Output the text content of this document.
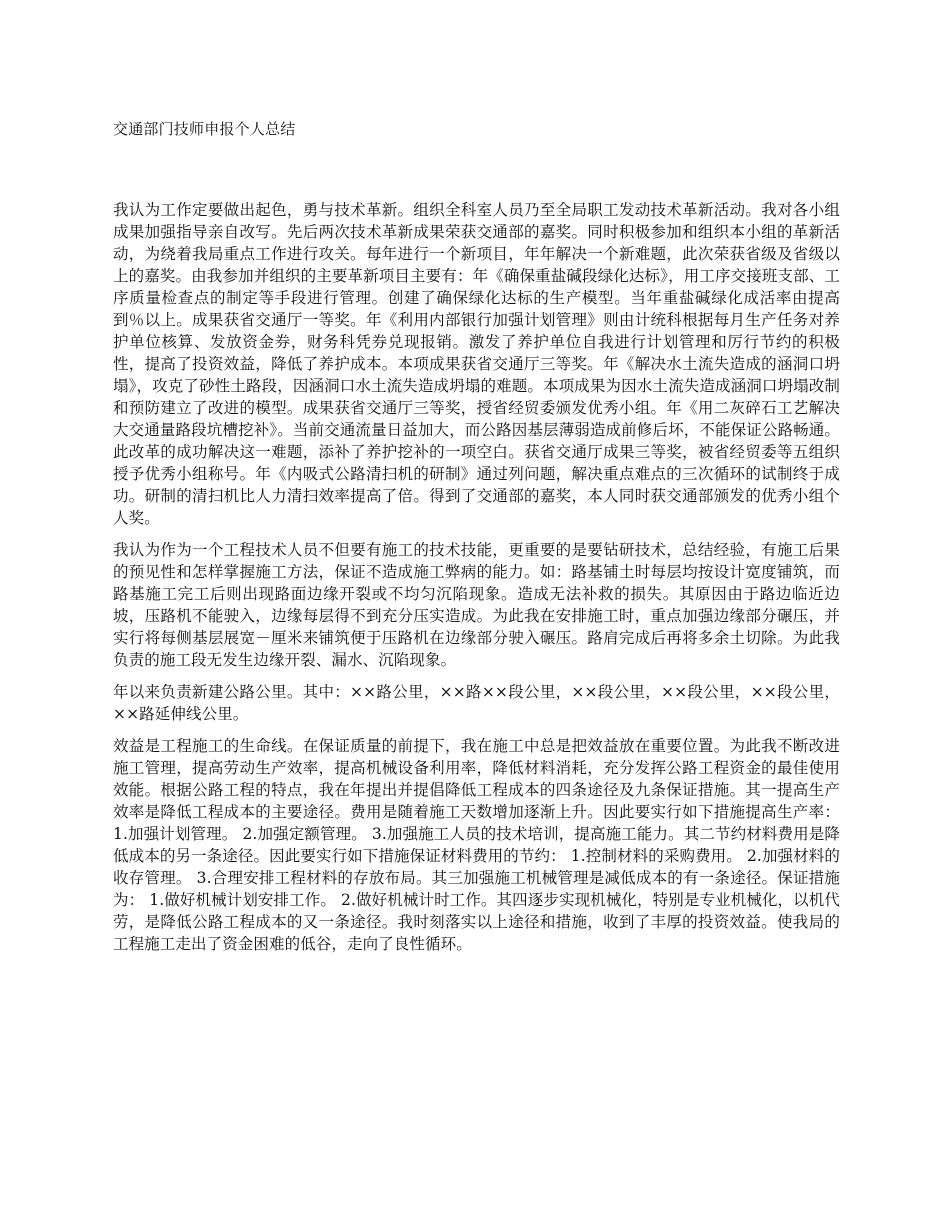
交通部门技师申报个人总结

我认为工作定要做出起色，勇与技术革新。组织全科室人员乃至全局职工发动技术革新活动。我对各小组成果加强指导亲自改写。先后两次技术革新成果荣获交通部的嘉奖。同时积极参加和组织本小组的革新活动，为绕着我局重点工作进行攻关。每年进行一个新项目，年年解决一个新难题，此次荣获省级及省级以上的嘉奖。由我参加并组织的主要革新项目主要有：年《确保重盐碱段绿化达标》，用工序交接班支部、工序质量检查点的制定等手段进行管理。创建了确保绿化达标的生产模型。当年重盐碱绿化成活率由提高到％以上。成果获省交通厅一等奖。年《利用内部银行加强计划管理》则由计统科根据每月生产任务对养护单位核算、发放资金券，财务科凭券兑现报销。激发了养护单位自我进行计划管理和厉行节约的积极性，提高了投资效益，降低了养护成本。本项成果获省交通厅三等奖。年《解决水土流失造成的涵洞口坍塌》，攻克了砂性土路段，因涵洞口水土流失造成坍塌的难题。本项成果为因水土流失造成涵洞口坍塌改制和预防建立了改进的模型。成果获省交通厅三等奖，授省经贸委颁发优秀小组。年《用二灰碎石工艺解决大交通量路段坑槽挖补》。当前交通流量日益加大，而公路因基层薄弱造成前修后坏，不能保证公路畅通。此改革的成功解决这一难题，添补了养护挖补的一项空白。获省交通厅成果三等奖，被省经贸委等五组织授予优秀小组称号。年《内吸式公路清扫机的研制》通过列问题，解决重点难点的三次循环的试制终于成功。研制的清扫机比人力清扫效率提高了倍。得到了交通部的嘉奖，本人同时获交通部颁发的优秀小组个人奖。

我认为作为一个工程技术人员不但要有施工的技术技能，更重要的是要钻研技术，总结经验，有施工后果的预见性和怎样掌握施工方法，保证不造成施工弊病的能力。如：路基铺土时每层均按设计宽度铺筑，而路基施工完工后则出现路面边缘开裂或不均匀沉陷现象。造成无法补救的损失。其原因由于路边临近边坡，压路机不能驶入，边缘每层得不到充分压实造成。为此我在安排施工时，重点加强边缘部分碾压，并实行将每侧基层展宽－厘米来铺筑便于压路机在边缘部分驶入碾压。路肩完成后再将多余土切除。为此我负责的施工段无发生边缘开裂、漏水、沉陷现象。

年以来负责新建公路公里。其中：××路公里，××路××段公里，××段公里，××段公里，××段公里，××路延伸线公里。

效益是工程施工的生命线。在保证质量的前提下，我在施工中总是把效益放在重要位置。为此我不断改进施工管理，提高劳动生产效率，提高机械设备利用率，降低材料消耗，充分发挥公路工程资金的最佳使用效能。根据公路工程的特点，我在年提出并提倡降低工程成本的四条途径及九条保证措施。其一提高生产效率是降低工程成本的主要途径。费用是随着施工天数增加逐渐上升。因此要实行如下措施提高生产率： 1.加强计划管理。 2.加强定额管理。 3.加强施工人员的技术培训，提高施工能力。其二节约材料费用是降低成本的另一条途径。因此要实行如下措施保证材料费用的节约： 1.控制材料的采购费用。 2.加强材料的收存管理。 3.合理安排工程材料的存放布局。其三加强施工机械管理是减低成本的有一条途径。保证措施为： 1.做好机械计划安排工作。 2.做好机械计时工作。其四逐步实现机械化，特别是专业机械化，以机代劳，是降低公路工程成本的又一条途径。我时刻落实以上途径和措施，收到了丰厚的投资效益。使我局的工程施工走出了资金困难的低谷，走向了良性循环。
